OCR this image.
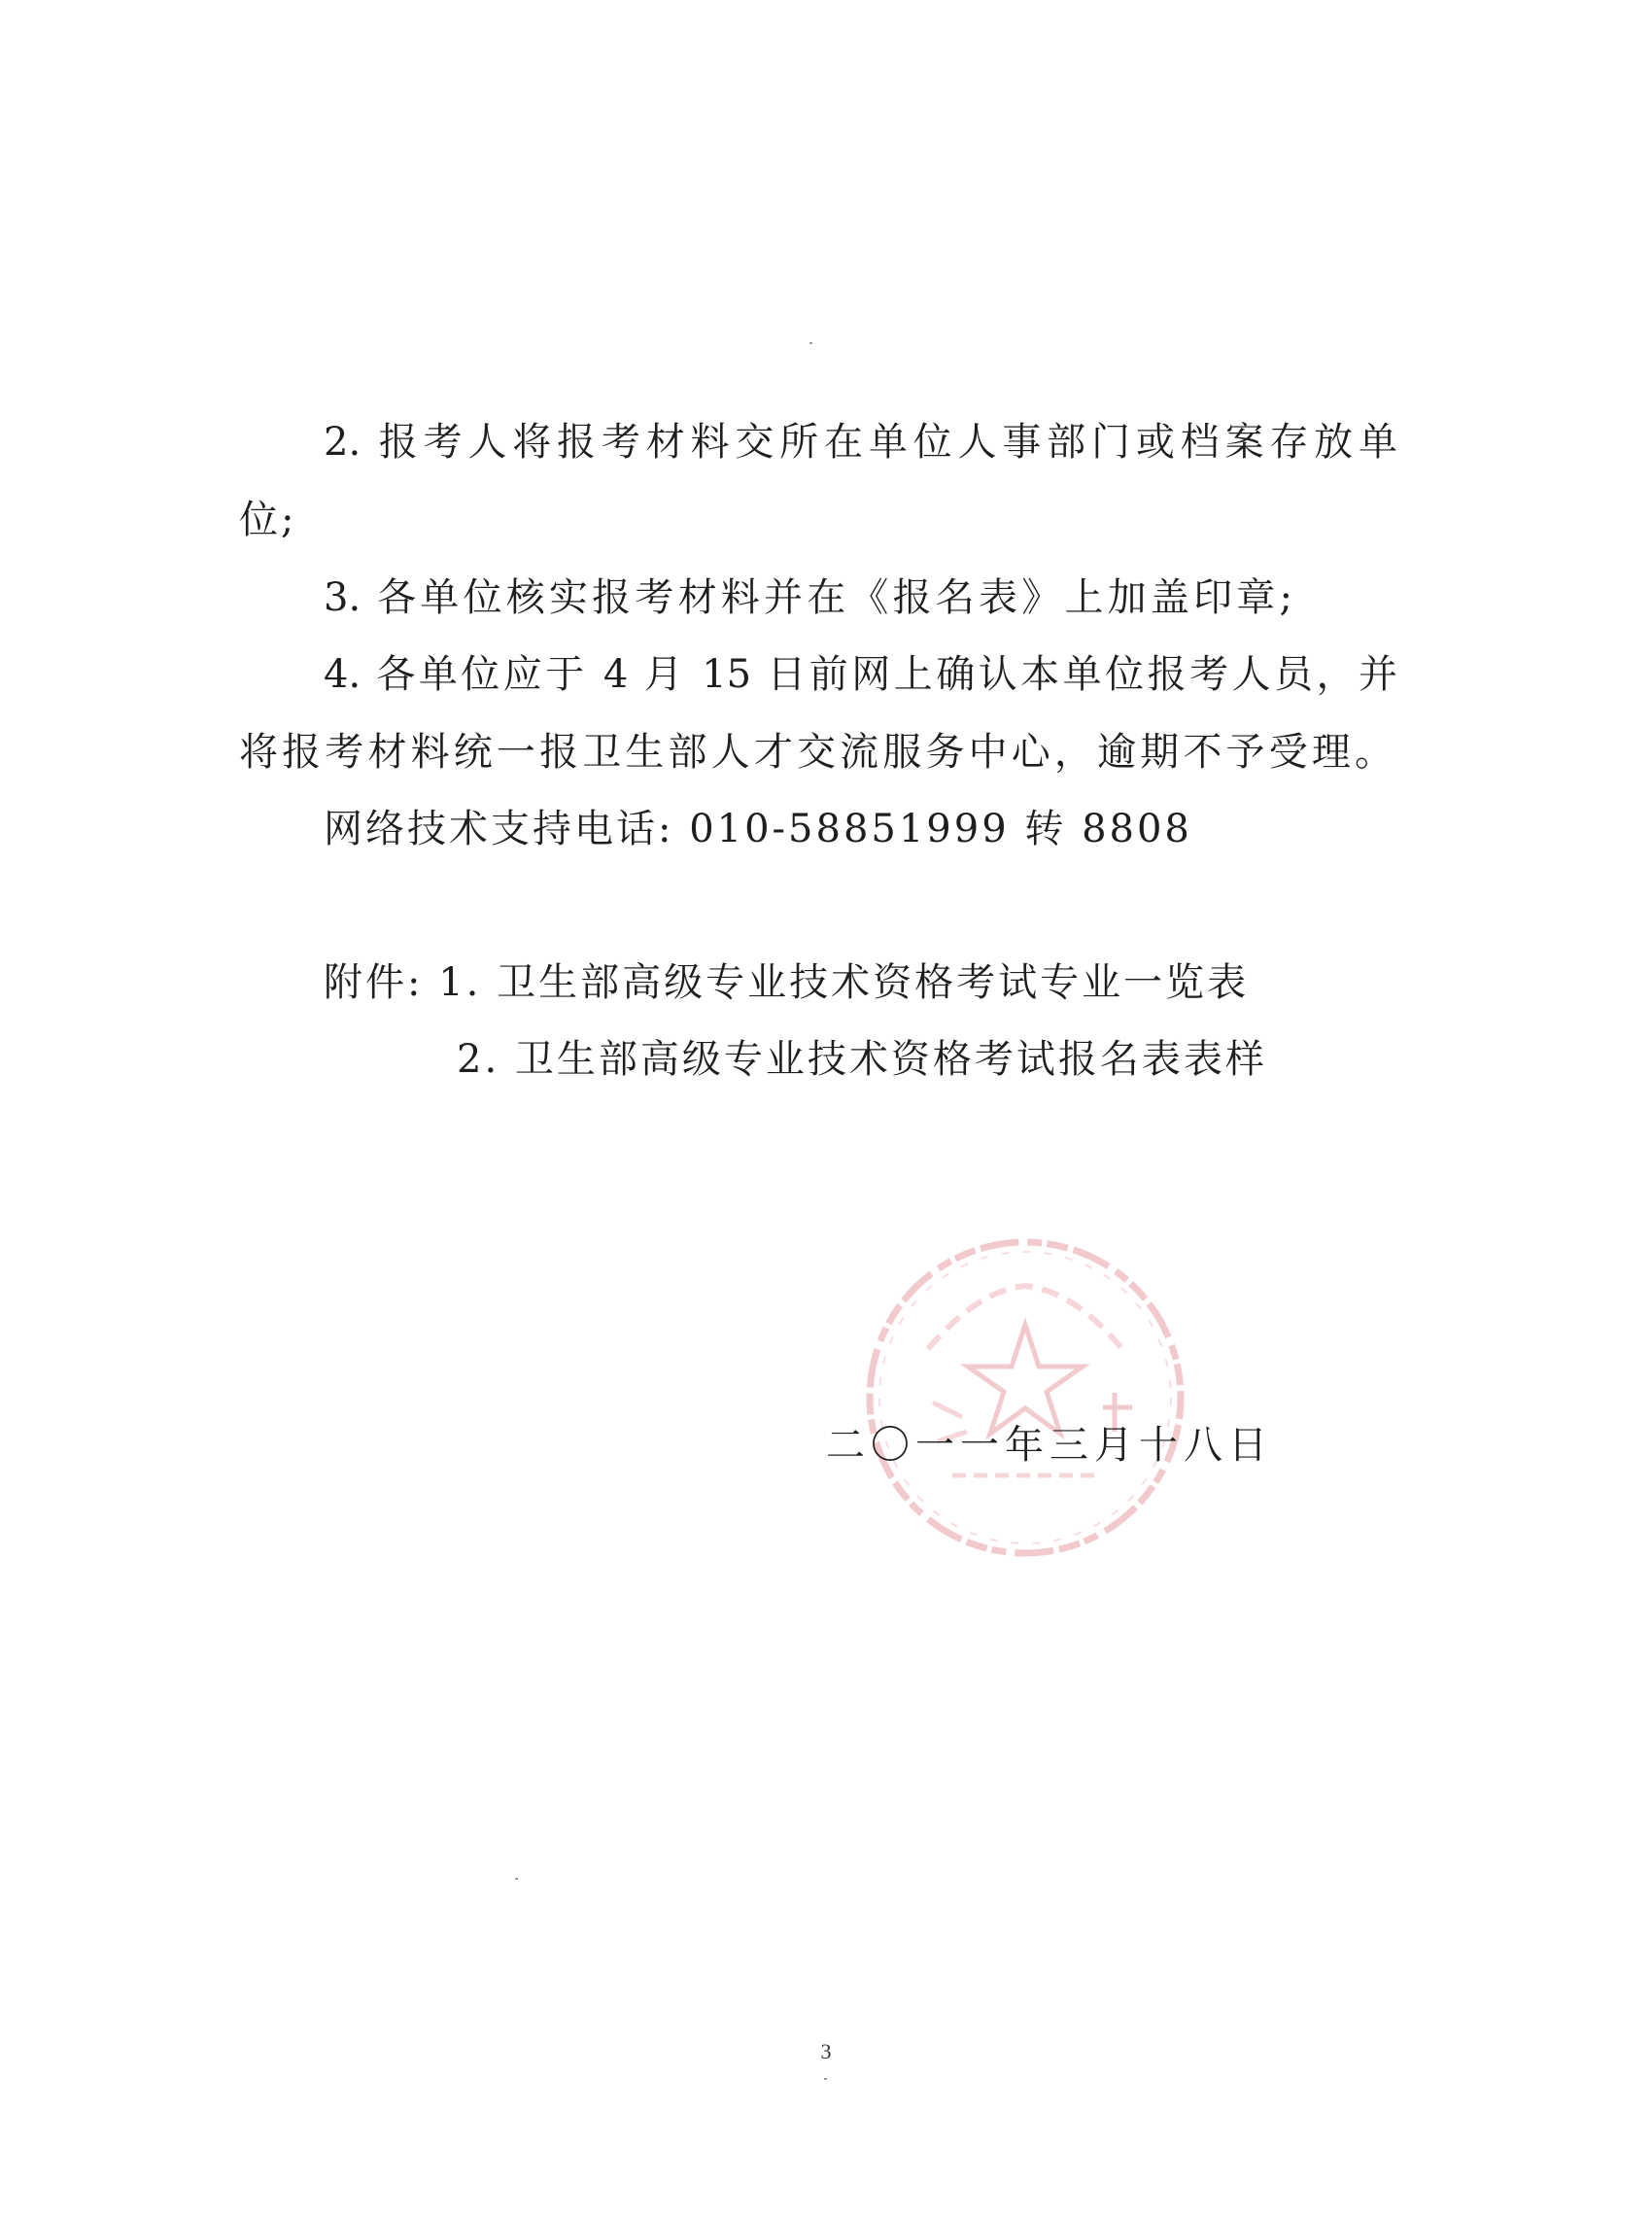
2. 报考人将报考材料交所在单位人事部门或档案存放单
位;
3. 各单位核实报考材料并在《报名表》上加盖印章;
4. 各单位应于 4 月 15 日前网上确认本单位报考人员，并
将报考材料统一报卫生部人才交流服务中心，逾期不予受理。
网络技术支持电话: 010-58851999 转 8808
附件: 1. 卫生部高级专业技术资格考试专业一览表
2. 卫生部高级专业技术资格考试报名表表样
二〇一一年三月十八日
3
